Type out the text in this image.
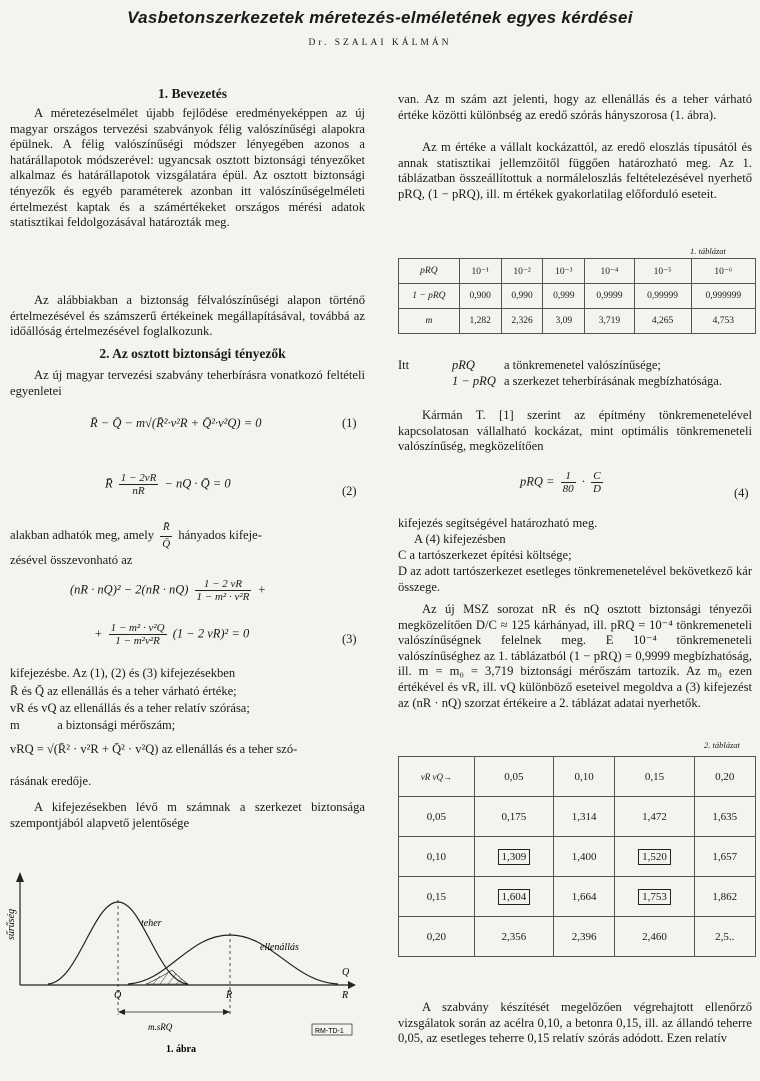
Vasbetonszerkezetek méretezés-elméletének egyes kérdései
Dr. SZALAI KÁLMÁN
1. Bevezetés
A méretezéselmélet újabb fejlődése eredményeképpen az új magyar országos tervezési szabványok félig valószínűségi alapokra épülnek. A félig valószínűségi módszer lényegében azonos a határállapotok módszerével: ugyancsak osztott biztonsági tényezőket alkalmaz és határállapotok vizsgálatára épül. Az osztott biztonsági tényezők és egyéb paraméterek azonban itt valószínűségelméleti értelmezést kaptak és a számértékeket országos mérési adatok statisztikai feldolgozásával határozták meg.
Az alábbiakban a biztonság félvalószínűségi alapon történő értelmezésével és számszerű értékeinek megállapításával, továbbá az időállóság értelmezésével foglalkozunk.
2. Az osztott biztonsági tényezők
Az új magyar tervezési szabvány teherbírásra vonatkozó feltételi egyenletei
R̄ − Q̄ − m√(R̄²·v²R + Q̄²·v²Q) = 0	(1)
R̄ $\frac{1 - 2vR}{nR}$ − nQ · Q̄ = 0
(2)
alakban adhatók meg, amely $\frac{R̄}{Q̄}$ hányados kifeje-
zésével összevonható az
$(nR \cdot nQ)^2 - 2(nR \cdot nQ) \frac{1 - 2 vR}{\text{1 − m² · v²R}}$ +
+ $\frac{\text{1 − m² · v²Q}}{\text{1 − m²v²R}} (1 - 2$ vR)² = 0	(3)
kifejezésbe. Az (1), (2) és (3) kifejezésekben
R̄ és Q̄ az ellenállás és a teher várható értéke;
vR és vQ az ellenállás és a teher relatív szórása;
m            a biztonsági mérőszám;
vRQ = √(R̄² · v²R + Q̄² · v²Q) az ellenállás és a teher szó-
rásának eredője.
A kifejezésekben lévő m számnak a szerkezet biztonsága szempontjából alapvető jelentősége
sűrűség	teher
ellenállás
Q
R
Q̄	R̄
m.sRQ	RM-TD-1
1. ábra
van. Az m szám azt jelenti, hogy az ellenállás és a teher várható értéke közötti különbség az eredő szórás hányszorosa (1. ábra).
Az m értéke a vállalt kockázattól, az eredő eloszlás típusától és annak statisztikai jellemzőitől függően határozható meg. Az 1. táblázatban összeállítottuk a normáleloszlás feltételezésével nyerhető pRQ, (1 − pRQ), ill. m értékek gyakorlatilag előforduló eseteit.
1. táblázat
pRQ	10⁻¹	10⁻²	10⁻³	10⁻⁴	10⁻⁵	10⁻⁶
1 − pRQ	0,900	0,990	0,999	0,9999	0,99999	0,999999
m	1,282	2,326	3,09	3,719	4,265	4,753
Itt	pRQ a tönkremenetel valószínűsége;
1 − pRQ a szerkezet teherbírásának megbízhatósága.
Kármán T. [1] szerint az építmény tönkremenetelével kapcsolatosan vállalható kockázat, mint optimális tönkremeneteli valószínűség, megközelítően
pRQ = $\frac{1}{80} \cdot \frac{C}{D}$	(4)
kifejezés segítségével határozható meg.
A (4) kifejezésben
C a tartószerkezet építési költsége;
D az adott tartószerkezet esetleges tönkremenetelével bekövetkező kár összege.
Az új MSZ sorozat nR és nQ osztott biztonsági tényezői megközelítően D/C ≈ 125 kárhányad, ill. pRQ = 10⁻⁴ tönkremeneteli valószínűségnek felelnek meg. E 10⁻⁴ tönkremeneteli valószínűséghez az 1. táblázatból (1 − pRQ) = 0,9999 megbízhatóság, ill. m = m₀ = 3,719 biztonsági mérőszám tartozik. Az m₀ ezen értékével és vR, ill. vQ különböző eseteivel megoldva a (3) kifejezést az (nR · nQ) szorzat értékeire a 2. táblázat adatai nyerhetők.
2. táblázat
vR vQ→	0,05	0,10	0,15	0,20
0,05	0,175	1,314	1,472	1,635
0,10	1,309	1,400	1,520	1,657
0,15	1,604	1,664	1,753	1,862
0,20	2,356	2,396	2,460	2,5..
A szabvány készítését megelőzően végrehajtott ellenőrző vizsgálatok során az acélra 0,10, a betonra 0,15, ill. az állandó teherre 0,05, az esetleges teherre 0,15 relatív szórás adódott. Ezen relatív
